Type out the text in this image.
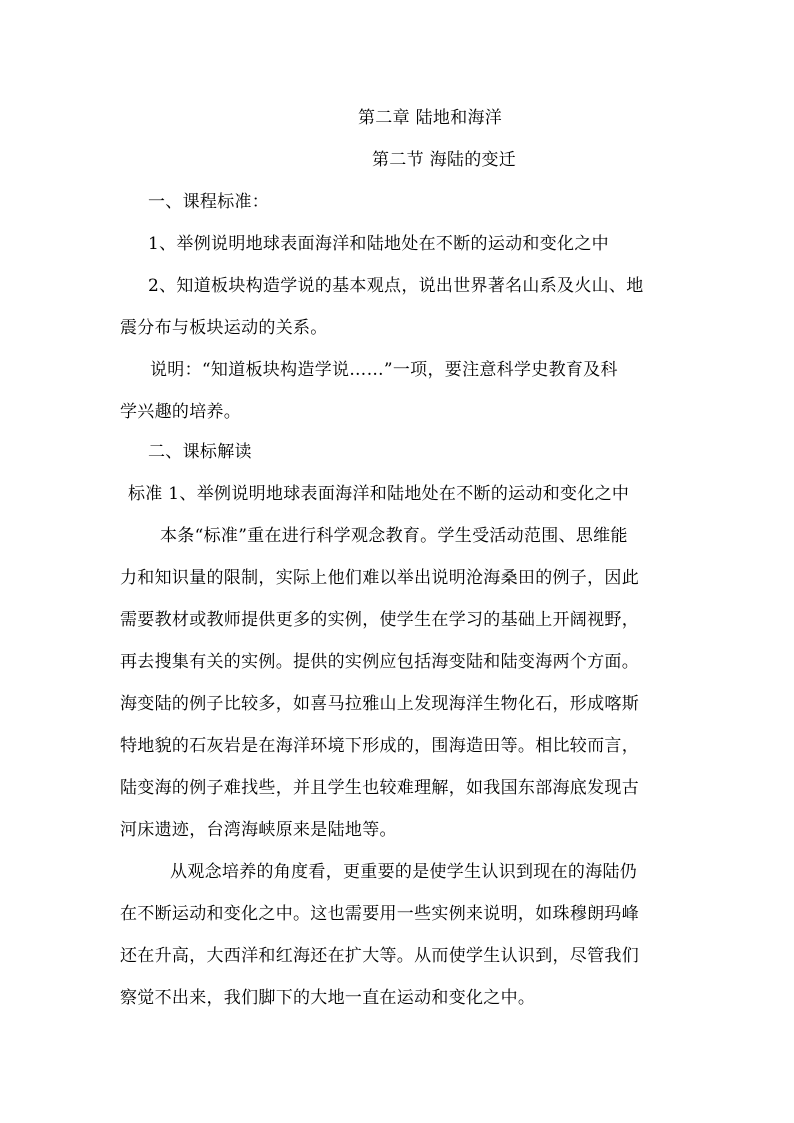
第二章 陆地和海洋
第二节 海陆的变迁
一、课程标准：
1、举例说明地球表面海洋和陆地处在不断的运动和变化之中
2、知道板块构造学说的基本观点，说出世界著名山系及火山、地
震分布与板块运动的关系。
说明：“知道板块构造学说……”一项，要注意科学史教育及科
学兴趣的培养。
二、课标解读
标准 1、举例说明地球表面海洋和陆地处在不断的运动和变化之中
本条“标准”重在进行科学观念教育。学生受活动范围、思维能
力和知识量的限制，实际上他们难以举出说明沧海桑田的例子，因此
需要教材或教师提供更多的实例，使学生在学习的基础上开阔视野，
再去搜集有关的实例。提供的实例应包括海变陆和陆变海两个方面。
海变陆的例子比较多，如喜马拉雅山上发现海洋生物化石，形成喀斯
特地貌的石灰岩是在海洋环境下形成的，围海造田等。相比较而言，
陆变海的例子难找些，并且学生也较难理解，如我国东部海底发现古
河床遗迹，台湾海峡原来是陆地等。
从观念培养的角度看，更重要的是使学生认识到现在的海陆仍
在不断运动和变化之中。这也需要用一些实例来说明，如珠穆朗玛峰
还在升高，大西洋和红海还在扩大等。从而使学生认识到，尽管我们
察觉不出来，我们脚下的大地一直在运动和变化之中。
